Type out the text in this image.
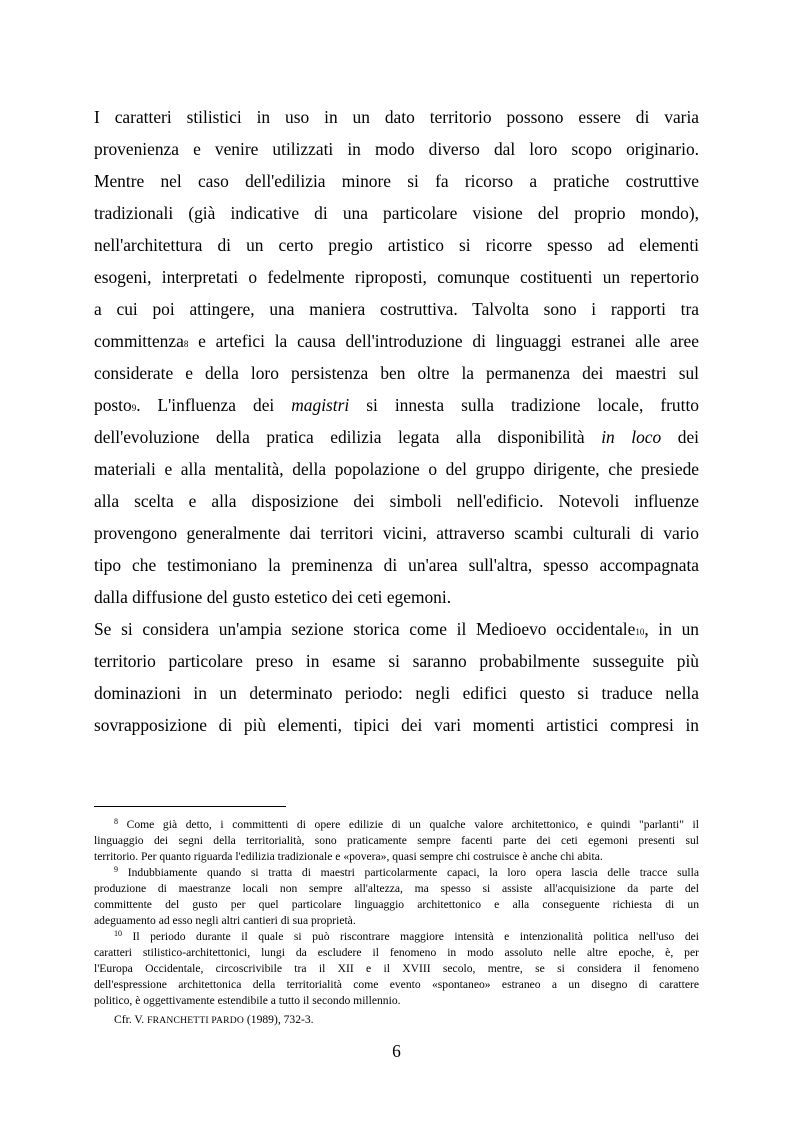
I caratteri stilistici in uso in un dato territorio possono essere di varia

provenienza e venire utilizzati in modo diverso dal loro scopo originario.

Mentre nel caso dell'edilizia minore si fa ricorso a pratiche costruttive

tradizionali (già indicative di una particolare visione del proprio mondo),

nell'architettura di un certo pregio artistico si ricorre spesso ad elementi

esogeni, interpretati o fedelmente riproposti, comunque costituenti un repertorio

a cui poi attingere, una maniera costruttiva. Talvolta sono i rapporti tra

committenza8 e artefici la causa dell'introduzione di linguaggi estranei alle aree

considerate e della loro persistenza ben oltre la permanenza dei maestri sul

posto9. L'influenza dei magistri si innesta sulla tradizione locale, frutto

dell'evoluzione della pratica edilizia legata alla disponibilità in loco dei

materiali e alla mentalità, della popolazione o del gruppo dirigente, che presiede

alla scelta e alla disposizione dei simboli nell'edificio. Notevoli influenze

provengono generalmente dai territori vicini, attraverso scambi culturali di vario

tipo che testimoniano la preminenza di un'area sull'altra, spesso accompagnata

dalla diffusione del gusto estetico dei ceti egemoni.

Se si considera un'ampia sezione storica come il Medioevo occidentale10, in un

territorio particolare preso in esame si saranno probabilmente susseguite più

dominazioni in un determinato periodo: negli edifici questo si traduce nella

sovrapposizione di più elementi, tipici dei vari momenti artistici compresi in

$^8$ Come già detto, i committenti di opere edilizie di un qualche valore architettonico, e quindi "parlanti" il

linguaggio dei segni della territorialità, sono praticamente sempre facenti parte dei ceti egemoni presenti sul

territorio. Per quanto riguarda l'edilizia tradizionale e «povera», quasi sempre chi costruisce è anche chi abita.

$^9$ Indubbiamente quando si tratta di maestri particolarmente capaci, la loro opera lascia delle tracce sulla

produzione di maestranze locali non sempre all'altezza, ma spesso si assiste all'acquisizione da parte del

committente del gusto per quel particolare linguaggio architettonico e alla conseguente richiesta di un

adeguamento ad esso negli altri cantieri di sua proprietà.

$^{10}$ Il periodo durante il quale si può riscontrare maggiore intensità e intenzionalità politica nell'uso dei

caratteri stilistico-architettonici, lungi da escludere il fenomeno in modo assoluto nelle altre epoche, è, per

l'Europa Occidentale, circoscrivibile tra il XII e il XVIII secolo, mentre, se si considera il fenomeno

dell'espressione architettonica della territorialità come evento «spontaneo» estraneo a un disegno di carattere

politico, è oggettivamente estendibile a tutto il secondo millennio.

Cfr. V. FRANCHETTI PARDO (1989), 732-3.

6
